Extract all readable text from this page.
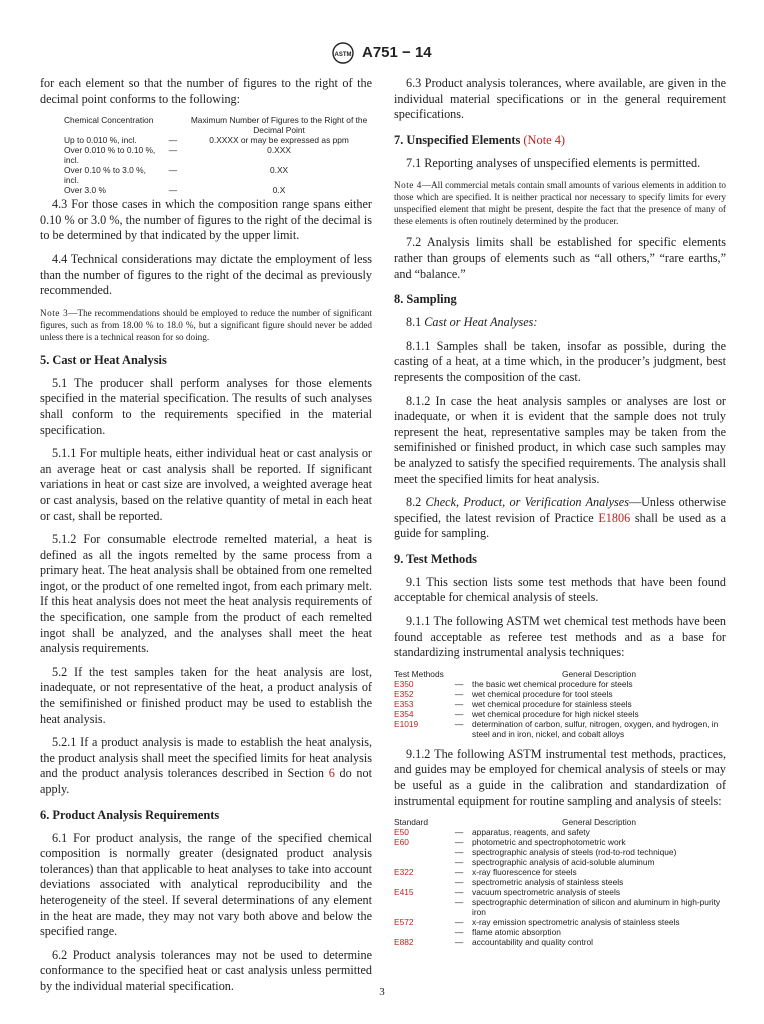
ASTM A751 − 14

for each element so that the number of figures to the right of the decimal point conforms to the following:

Chemical Concentration		Maximum Number of Figures to the Right of the Decimal Point
Up to 0.010 %, incl.	—	0.XXXX or may be expressed as ppm
Over 0.010 % to 0.10 %, incl.	—	0.XXX
Over 0.10 % to 3.0 %, incl.	—	0.XX
Over 3.0 %	—	0.X

4.3 For those cases in which the composition range spans either 0.10 % or 3.0 %, the number of figures to the right of the decimal is to be determined by that indicated by the upper limit.

4.4 Technical considerations may dictate the employment of less than the number of figures to the right of the decimal as previously recommended.

Note 3—The recommendations should be employed to reduce the number of significant figures, such as from 18.00 % to 18.0 %, but a significant figure should never be added unless there is a technical reason for so doing.
5. Cast or Heat Analysis

5.1 The producer shall perform analyses for those elements specified in the material specification. The results of such analyses shall conform to the requirements specified in the material specification.

5.1.1 For multiple heats, either individual heat or cast analysis or an average heat or cast analysis shall be reported. If significant variations in heat or cast size are involved, a weighted average heat or cast analysis, based on the relative quantity of metal in each heat or cast, shall be reported.

5.1.2 For consumable electrode remelted material, a heat is defined as all the ingots remelted by the same process from a primary heat. The heat analysis shall be obtained from one remelted ingot, or the product of one remelted ingot, from each primary melt. If this heat analysis does not meet the heat analysis requirements of the specification, one sample from the product of each remelted ingot shall be analyzed, and the analyses shall meet the heat analysis requirements.

5.2 If the test samples taken for the heat analysis are lost, inadequate, or not representative of the heat, a product analysis of the semifinished or finished product may be used to establish the heat analysis.

5.2.1 If a product analysis is made to establish the heat analysis, the product analysis shall meet the specified limits for heat analysis and the product analysis tolerances described in Section 6 do not apply.

6. Product Analysis Requirements

6.1 For product analysis, the range of the specified chemical composition is normally greater (designated product analysis tolerances) than that applicable to heat analyses to take into account deviations associated with analytical reproducibility and the heterogeneity of the steel. If several determinations of any element in the heat are made, they may not vary both above and below the specified range.

6.2 Product analysis tolerances may not be used to determine conformance to the specified heat or cast analysis unless permitted by the individual material specification.

6.3 Product analysis tolerances, where available, are given in the individual material specifications or in the general requirement specifications.

7. Unspecified Elements (Note 4)

7.1 Reporting analyses of unspecified elements is permitted.

Note 4—All commercial metals contain small amounts of various elements in addition to those which are specified. It is neither practical nor necessary to specify limits for every unspecified element that might be present, despite the fact that the presence of many of these elements is often routinely determined by the producer.

7.2 Analysis limits shall be established for specific elements rather than groups of elements such as “all others,” “rare earths,” and “balance.”

8. Sampling

8.1 Cast or Heat Analyses:

8.1.1 Samples shall be taken, insofar as possible, during the casting of a heat, at a time which, in the producer’s judgment, best represents the composition of the cast.

8.1.2 In case the heat analysis samples or analyses are lost or inadequate, or when it is evident that the sample does not truly represent the heat, representative samples may be taken from the semifinished or finished product, in which case such samples may be analyzed to satisfy the specified requirements. The analysis shall meet the specified limits for heat analysis.

8.2 Check, Product, or Verification Analyses—Unless otherwise specified, the latest revision of Practice E1806 shall be used as a guide for sampling.

9. Test Methods

9.1 This section lists some test methods that have been found acceptable for chemical analysis of steels.

9.1.1 The following ASTM wet chemical test methods have been found acceptable as referee test methods and as a base for standardizing instrumental analysis techniques:

Test Methods		General Description
E350	—	the basic wet chemical procedure for steels
E352	—	wet chemical procedure for tool steels
E353	—	wet chemical procedure for stainless steels
E354	—	wet chemical procedure for high nickel steels
E1019	—	determination of carbon, sulfur, nitrogen, oxygen, and hydrogen, in steel and in iron, nickel, and cobalt alloys

9.1.2 The following ASTM instrumental test methods, practices, and guides may be employed for chemical analysis of steels or may be useful as a guide in the calibration and standardization of instrumental equipment for routine sampling and analysis of steels:

Standard		General Description
E50	—	apparatus, reagents, and safety
E60	—	photometric and spectrophotometric work
	—	spectrographic analysis of steels (rod-to-rod technique)
	—	spectrographic analysis of acid-soluble aluminum
E322	—	x-ray fluorescence for steels
	—	spectrometric analysis of stainless steels
E415	—	vacuum spectrometric analysis of steels
	—	spectrographic determination of silicon and aluminum in high-purity iron
E572	—	x-ray emission spectrometric analysis of stainless steels
	—	flame atomic absorption
E882	—	accountability and quality control
3
